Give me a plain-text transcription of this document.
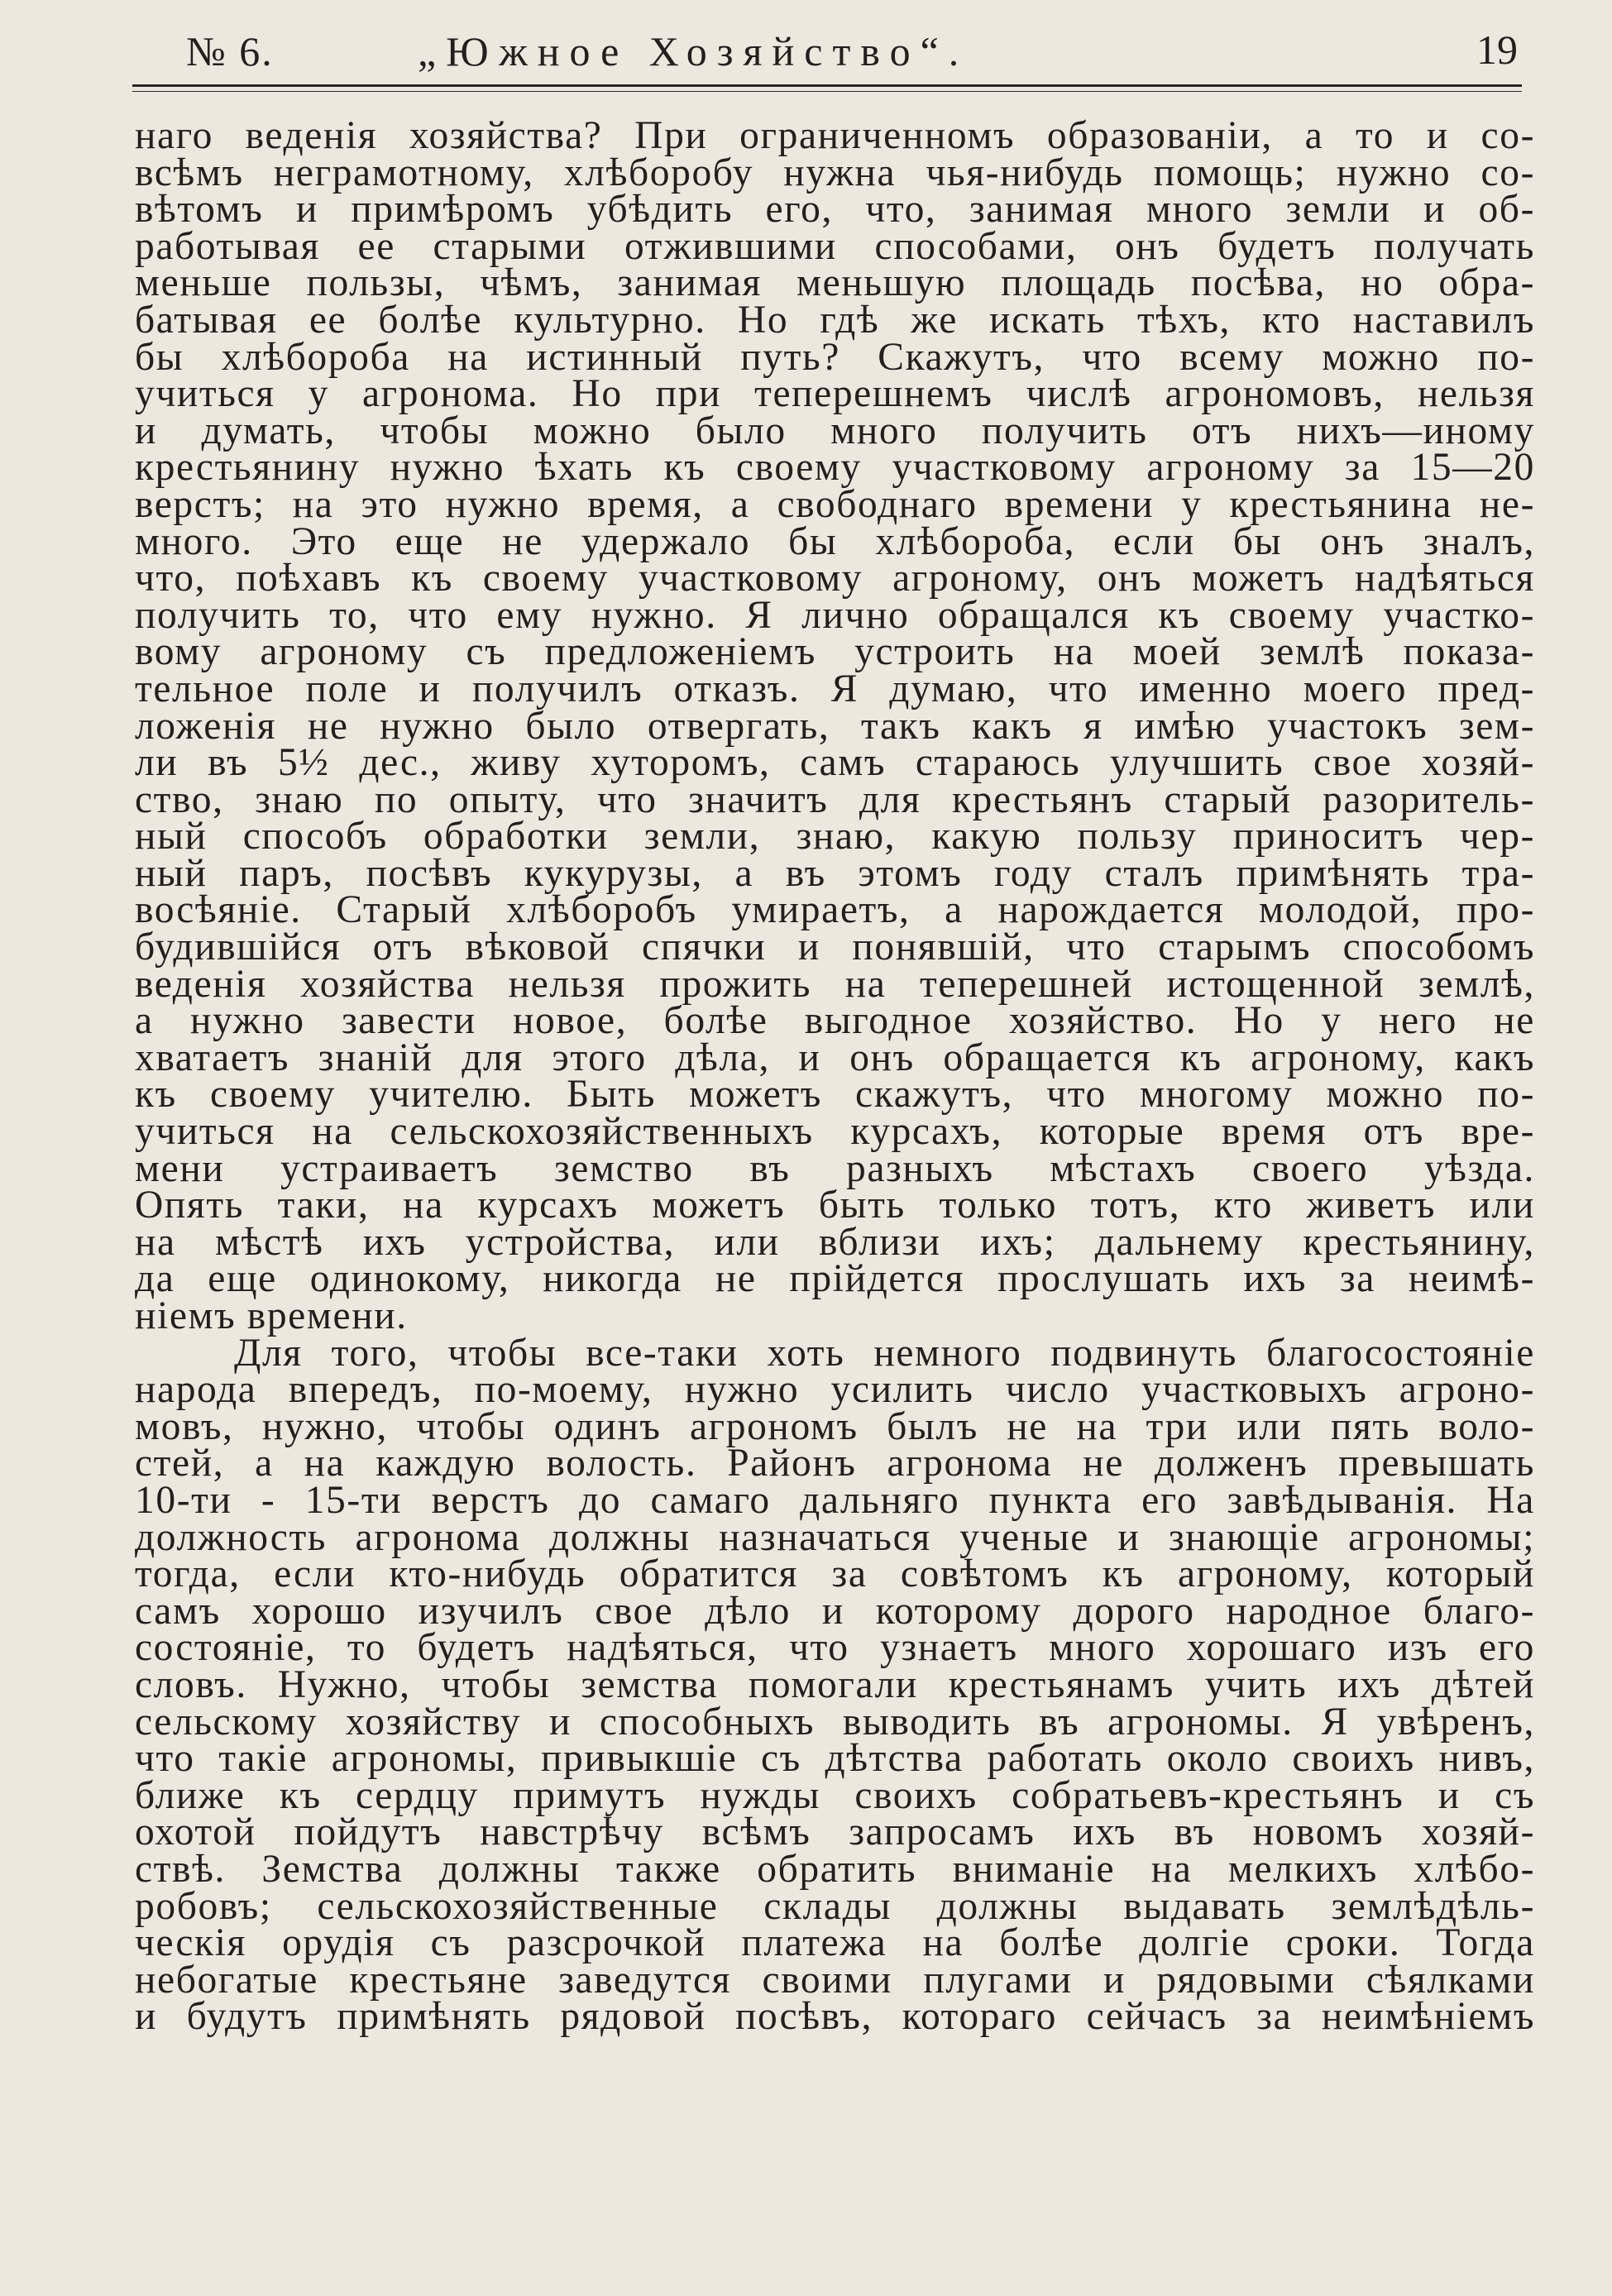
№ 6.	„Южное Хозяйство“.	19
наго веденія хозяйства? При ограниченномъ образованіи, а то и со-
всѣмъ неграмотному, хлѣборобу нужна чья-нибудь помощь; нужно со-
вѣтомъ и примѣромъ убѣдить его, что, занимая много земли и об-
работывая ее старыми отжившими способами, онъ будетъ получать
меньше пользы, чѣмъ, занимая меньшую площадь посѣва, но обра-
батывая ее болѣе культурно. Но гдѣ же искать тѣхъ, кто наставилъ
бы хлѣбороба на истинный путь? Скажутъ, что всему можно по-
учиться у агронома. Но при теперешнемъ числѣ агрономовъ, нельзя
и думать, чтобы можно было много получить отъ нихъ—иному
крестьянину нужно ѣхать къ своему участковому агроному за 15—20
верстъ; на это нужно время, а свободнаго времени у крестьянина не-
много. Это еще не удержало бы хлѣбороба, если бы онъ зналъ,
что, поѣхавъ къ своему участковому агроному, онъ можетъ надѣяться
получить то, что ему нужно. Я лично обращался къ своему участко-
вому агроному съ предложеніемъ устроить на моей землѣ показа-
тельное поле и получилъ отказъ. Я думаю, что именно моего пред-
ложенія не нужно было отвергать, такъ какъ я имѣю участокъ зем-
ли въ 5½ дес., живу хуторомъ, самъ стараюсь улучшить свое хозяй-
ство, знаю по опыту, что значитъ для крестьянъ старый разоритель-
ный способъ обработки земли, знаю, какую пользу приноситъ чер-
ный паръ, посѣвъ кукурузы, а въ этомъ году сталъ примѣнять тра-
восѣяніе. Старый хлѣборобъ умираетъ, а нарождается молодой, про-
будившійся отъ вѣковой спячки и понявшій, что старымъ способомъ
веденія хозяйства нельзя прожить на теперешней истощенной землѣ,
а нужно завести новое, болѣе выгодное хозяйство. Но у него не
хватаетъ знаній для этого дѣла, и онъ обращается къ агроному, какъ
къ своему учителю. Быть можетъ скажутъ, что многому можно по-
учиться на сельскохозяйственныхъ курсахъ, которые время отъ вре-
мени устраиваетъ земство въ разныхъ мѣстахъ своего уѣзда.
Опять таки, на курсахъ можетъ быть только тотъ, кто живетъ или
на мѣстѣ ихъ устройства, или вблизи ихъ; дальнему крестьянину,
да еще одинокому, никогда не прійдется прослушать ихъ за неимѣ-
ніемъ времени.
Для того, чтобы все-таки хоть немного подвинуть благосостояніе
народа впередъ, по-моему, нужно усилить число участковыхъ агроно-
мовъ, нужно, чтобы одинъ агрономъ былъ не на три или пять воло-
стей, а на каждую волость. Районъ агронома не долженъ превышать
10-ти - 15-ти верстъ до самаго дальняго пункта его завѣдыванія. На
должность агронома должны назначаться ученые и знающіе агрономы;
тогда, если кто-нибудь обратится за совѣтомъ къ агроному, который
самъ хорошо изучилъ свое дѣло и которому дорого народное благо-
состояніе, то будетъ надѣяться, что узнаетъ много хорошаго изъ его
словъ. Нужно, чтобы земства помогали крестьянамъ учить ихъ дѣтей
сельскому хозяйству и способныхъ выводить въ агрономы. Я увѣренъ,
что такіе агрономы, привыкшіе съ дѣтства работать около своихъ нивъ,
ближе къ сердцу примутъ нужды своихъ собратьевъ-крестьянъ и съ
охотой пойдутъ навстрѣчу всѣмъ запросамъ ихъ въ новомъ хозяй-
ствѣ. Земства должны также обратить вниманіе на мелкихъ хлѣбо-
робовъ; сельскохозяйственные склады должны выдавать землѣдѣль-
ческія орудія съ разсрочкой платежа на болѣе долгіе сроки. Тогда
небогатые крестьяне заведутся своими плугами и рядовыми сѣялками
и будутъ примѣнять рядовой посѣвъ, котораго сейчасъ за неимѣніемъ
